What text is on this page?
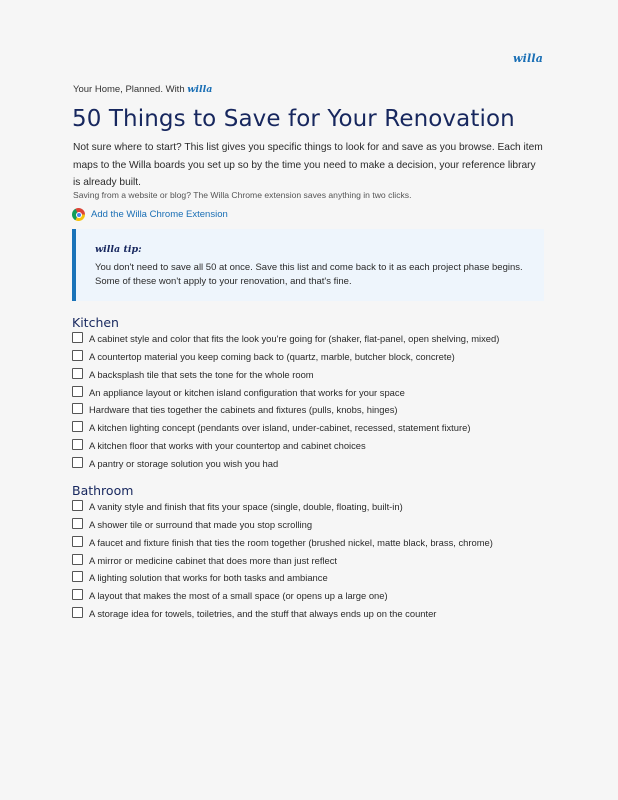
willa
Your Home, Planned. With willa
50 Things to Save for Your Renovation

Not sure where to start? This list gives you specific things to look for and save as you browse. Each item maps to the Willa boards you set up so by the time you need to make a decision, your reference library is already built.

Saving from a website or blog? The Willa Chrome extension saves anything in two clicks.

Add the Willa Chrome Extension
willa tip:

You don't need to save all 50 at once. Save this list and come back to it as each project phase begins. Some of these won't apply to your renovation, and that's fine.

Kitchen
A cabinet style and color that fits the look you're going for (shaker, flat-panel, open shelving, mixed)
A countertop material you keep coming back to (quartz, marble, butcher block, concrete)
A backsplash tile that sets the tone for the whole room
An appliance layout or kitchen island configuration that works for your space
Hardware that ties together the cabinets and fixtures (pulls, knobs, hinges)
A kitchen lighting concept (pendants over island, under-cabinet, recessed, statement fixture)
A kitchen floor that works with your countertop and cabinet choices
A pantry or storage solution you wish you had
Bathroom
A vanity style and finish that fits your space (single, double, floating, built-in)
A shower tile or surround that made you stop scrolling
A faucet and fixture finish that ties the room together (brushed nickel, matte black, brass, chrome)
A mirror or medicine cabinet that does more than just reflect
A lighting solution that works for both tasks and ambiance
A layout that makes the most of a small space (or opens up a large one)
A storage idea for towels, toiletries, and the stuff that always ends up on the counter
